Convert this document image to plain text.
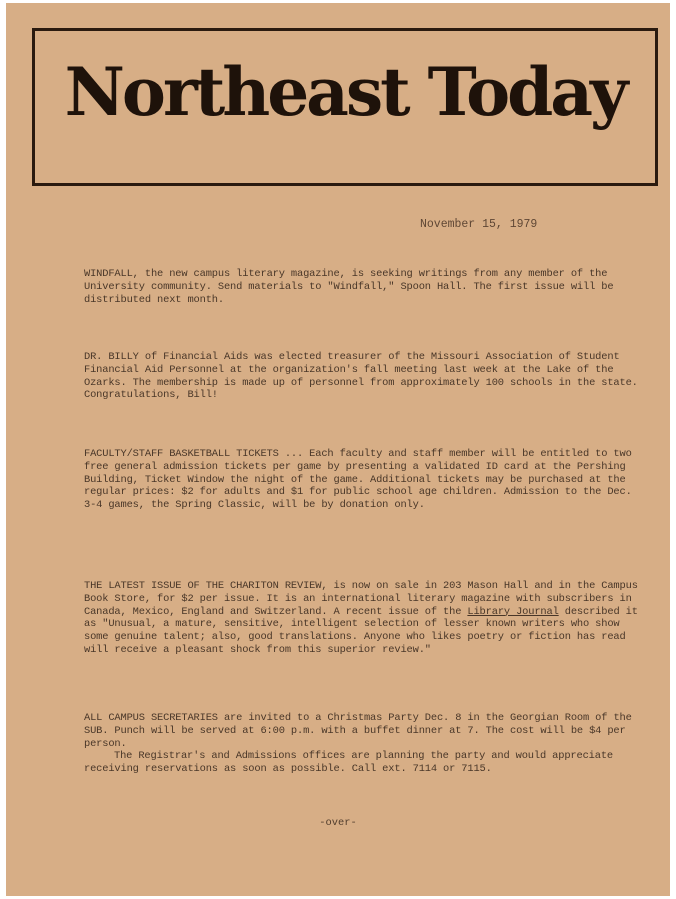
Northeast Today
November 15, 1979

WINDFALL, the new campus literary magazine, is seeking writings from any member of the University community. Send materials to "Windfall," Spoon Hall. The first issue will be distributed next month.

DR. BILLY of Financial Aids was elected treasurer of the Missouri Association of Student Financial Aid Personnel at the organization's fall meeting last week at the Lake of the Ozarks. The membership is made up of personnel from approximately 100 schools in the state. Congratulations, Bill!

FACULTY/STAFF BASKETBALL TICKETS ... Each faculty and staff member will be entitled to two free general admission tickets per game by presenting a validated ID card at the Pershing Building, Ticket Window the night of the game. Additional tickets may be purchased at the regular prices: $2 for adults and $1 for public school age children. Admission to the Dec. 3-4 games, the Spring Classic, will be by donation only.

THE LATEST ISSUE OF THE CHARITON REVIEW, is now on sale in 203 Mason Hall and in the Campus Book Store, for $2 per issue. It is an international literary magazine with subscribers in Canada, Mexico, England and Switzerland. A recent issue of the Library Journal described it as "Unusual, a mature, sensitive, intelligent selection of lesser known writers who show some genuine talent; also, good translations. Anyone who likes poetry or fiction has read will receive a pleasant shock from this superior review."

ALL CAMPUS SECRETARIES are invited to a Christmas Party Dec. 8 in the Georgian Room of the SUB. Punch will be served at 6:00 p.m. with a buffet dinner at 7. The cost will be $4 per person.
The Registrar's and Admissions offices are planning the party and would appreciate receiving reservations as soon as possible. Call ext. 7114 or 7115.

-over-
